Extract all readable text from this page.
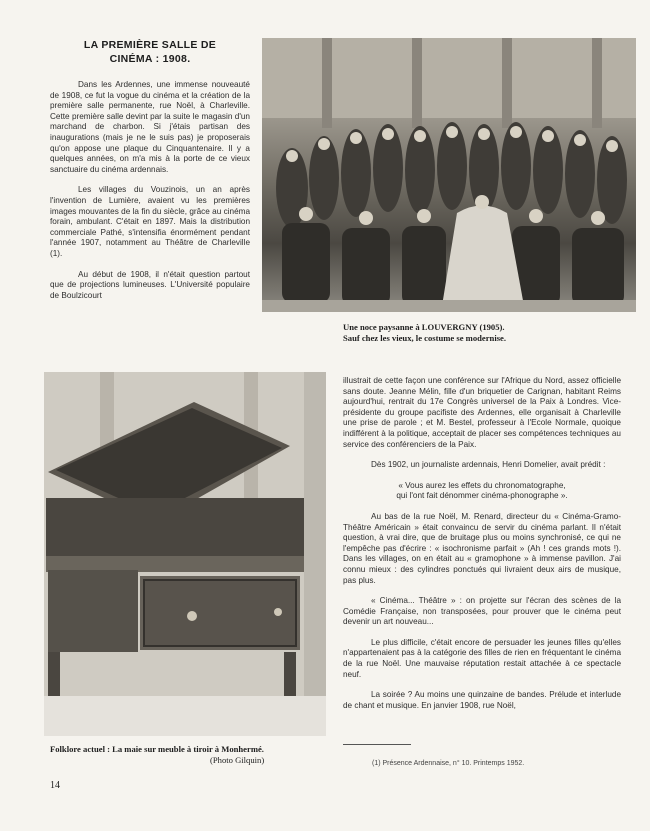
LA PREMIÈRE SALLE DE
CINÉMA : 1908.

Dans les Ardennes, une immense nouveauté de 1908, ce fut la vogue du cinéma et la création de la première salle permanente, rue Noël, à Charleville. Cette première salle devint par la suite le magasin d'un marchand de charbon. Si j'étais partisan des inaugurations (mais je ne le suis pas) je proposerais qu'on appose une plaque du Cinquantenaire. Il y a quelques années, on m'a mis à la porte de ce vieux sanctuaire du cinéma ardennais.

Les villages du Vouzinois, un an après l'invention de Lumière, avaient vu les premières images mouvantes de la fin du siècle, grâce au cinéma forain, ambulant. C'était en 1897. Mais la distribution commerciale Pathé, s'intensifia énormément pendant l'année 1907, notamment au Théâtre de Charleville (1).

Au début de 1908, il n'était question partout que de projections lumineuses. L'Université populaire de Boulzicourt

Une noce paysanne à LOUVERGNY (1905).
Sauf chez les vieux, le costume se modernise.
Folklore actuel : La maie sur meuble à tiroir à Monhermé.
(Photo Gilquin)

illustrait de cette façon une conférence sur l'Afrique du Nord, assez officielle sans doute. Jeanne Mélin, fille d'un briquetier de Carignan, habitant Reims aujourd'hui, rentrait du 17e Congrès universel de la Paix à Londres. Vice-présidente du groupe pacifiste des Ardennes, elle organisait à Charleville une prise de parole ; et M. Bestel, professeur à l'Ecole Normale, quoique indifférent à la politique, acceptait de placer ses compétences techniques au service des conférenciers de la Paix.

Dès 1902, un journaliste ardennais, Henri Domelier, avait prédit :

« Vous aurez les effets du chronomatographe,
qui l'ont fait dénommer cinéma-phonographe ».

Au bas de la rue Noël, M. Renard, directeur du « Cinéma-Gramo-Théâtre Américain » était convaincu de servir du cinéma parlant. Il n'était question, à vrai dire, que de bruitage plus ou moins synchronisé, ce qui ne l'empêche pas d'écrire : « isochronisme parfait » (Ah ! ces grands mots !). Dans les villages, on en était au « gramophone » à immense pavillon. J'ai connu mieux : des cylindres ponctués qui livraient deux airs de musique, pas plus.

« Cinéma... Théâtre » : on projette sur l'écran des scènes de la Comédie Française, non transposées, pour prouver que le cinéma peut devenir un art nouveau...

Le plus difficile, c'était encore de persuader les jeunes filles qu'elles n'appartenaient pas à la catégorie des filles de rien en fréquentant le cinéma de la rue Noël. Une mauvaise réputation restait attachée à ce spectacle neuf.

La soirée ? Au moins une quinzaine de bandes. Prélude et interlude de chant et musique. En janvier 1908, rue Noël,

(1) Présence Ardennaise, n° 10. Printemps 1952.
14
